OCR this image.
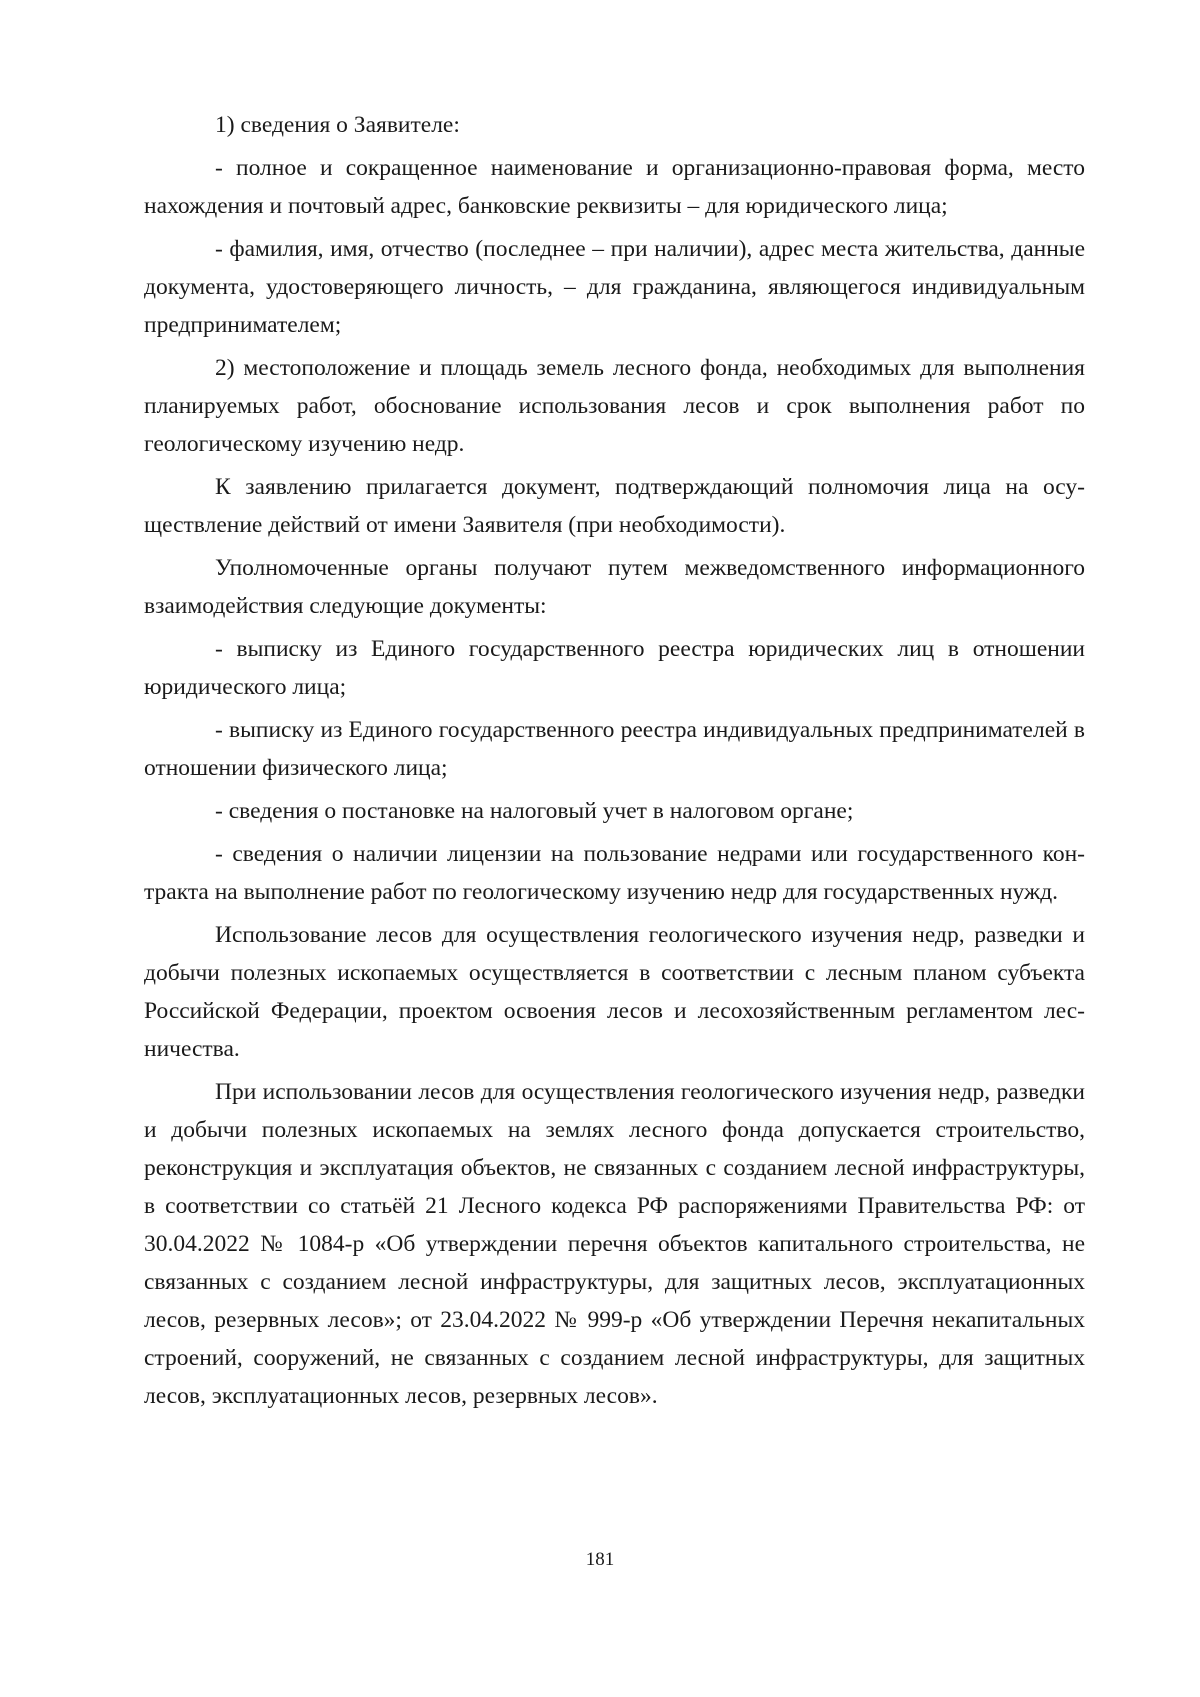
1) сведения о Заявителе:

- полное и сокращенное наименование и организационно-правовая форма, место нахождения и почтовый адрес, банковские реквизиты – для юридического лица;

- фамилия, имя, отчество (последнее – при наличии), адрес места жительства, данные документа, удостоверяющего личность, – для гражданина, являющегося индивидуальным предпринимателем;

2) местоположение и площадь земель лесного фонда, необходимых для выполнения планируемых работ, обоснование использования лесов и срок выполнения работ по геологическому изучению недр.

К заявлению прилагается документ, подтверждающий полномочия лица на осуществление действий от имени Заявителя (при необходимости).

Уполномоченные органы получают путем межведомственного информационного взаимодействия следующие документы:

- выписку из Единого государственного реестра юридических лиц в отношении юридического лица;

- выписку из Единого государственного реестра индивидуальных предпринимателей в отношении физического лица;

- сведения о постановке на налоговый учет в налоговом органе;

- сведения о наличии лицензии на пользование недрами или государственного контракта на выполнение работ по геологическому изучению недр для государственных нужд.

Использование лесов для осуществления геологического изучения недр, разведки и добычи полезных ископаемых осуществляется в соответствии с лесным планом субъекта Российской Федерации, проектом освоения лесов и лесохозяйственным регламентом лесничества.

При использовании лесов для осуществления геологического изучения недр, разведки и добычи полезных ископаемых на землях лесного фонда допускается строительство, реконструкция и эксплуатация объектов, не связанных с созданием лесной инфраструктуры, в соответствии со статьёй 21 Лесного кодекса РФ распоряжениями Правительства РФ: от 30.04.2022 № 1084-р «Об утверждении перечня объектов капитального строительства, не связанных с созданием лесной инфраструктуры, для защитных лесов, эксплуатационных лесов, резервных лесов»; от 23.04.2022 № 999-р «Об утверждении Перечня некапитальных строений, сооружений, не связанных с созданием лесной инфраструктуры, для защитных лесов, эксплуатационных лесов, резервных лесов».

181
